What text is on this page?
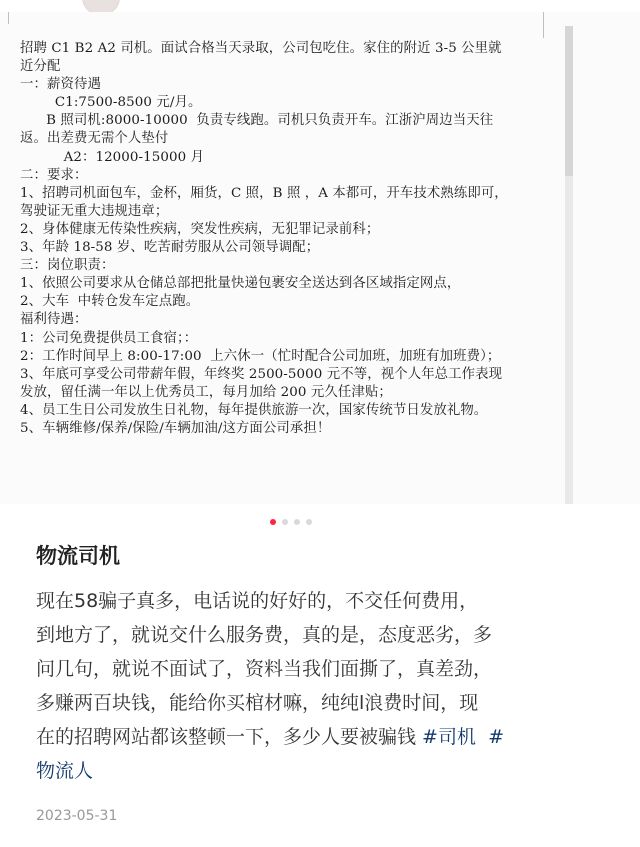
招聘 C1 B2 A2 司机。面试合格当天录取，公司包吃住。家住的附近 3-5 公里就
近分配
一：薪资待遇
C1:7500-8500 元/月。
B 照司机:8000-10000  负责专线跑。司机只负责开车。江浙沪周边当天往
返。出差费无需个人垫付
A2：12000-15000 月
二：要求：
1、招聘司机面包车，金杯，厢货，C 照，B 照 ，A 本都可，开车技术熟练即可，
驾驶证无重大违规违章；
2、身体健康无传染性疾病，突发性疾病，无犯罪记录前科；
3、年龄 18-58 岁、吃苦耐劳服从公司领导调配；
三：岗位职责：
1、依照公司要求从仓储总部把批量快递包裹安全送达到各区域指定网点，
2、大车  中转仓发车定点跑。
福利待遇：
1：公司免费提供员工食宿；：
2：工作时间早上 8:00-17:00  上六休一（忙时配合公司加班，加班有加班费）；
3、年底可享受公司带薪年假，年终奖 2500-5000 元不等，视个人年总工作表现
发放，留任满一年以上优秀员工，每月加给 200 元久任津贴；
4、员工生日公司发放生日礼物，每年提供旅游一次，国家传统节日发放礼物。
5、车辆维修/保养/保险/车辆加油/这方面公司承担！
物流司机
现在58骗子真多，电话说的好好的，不交任何费用，
到地方了，就说交什么服务费，真的是，态度恶劣，多
问几句，就说不面试了，资料当我们面撕了，真差劲，
多赚两百块钱，能给你买棺材嘛，纯纯l浪费时间，现
在的招聘网站都该整顿一下，多少人要被骗钱 #司机 #
物流人
2023-05-31
